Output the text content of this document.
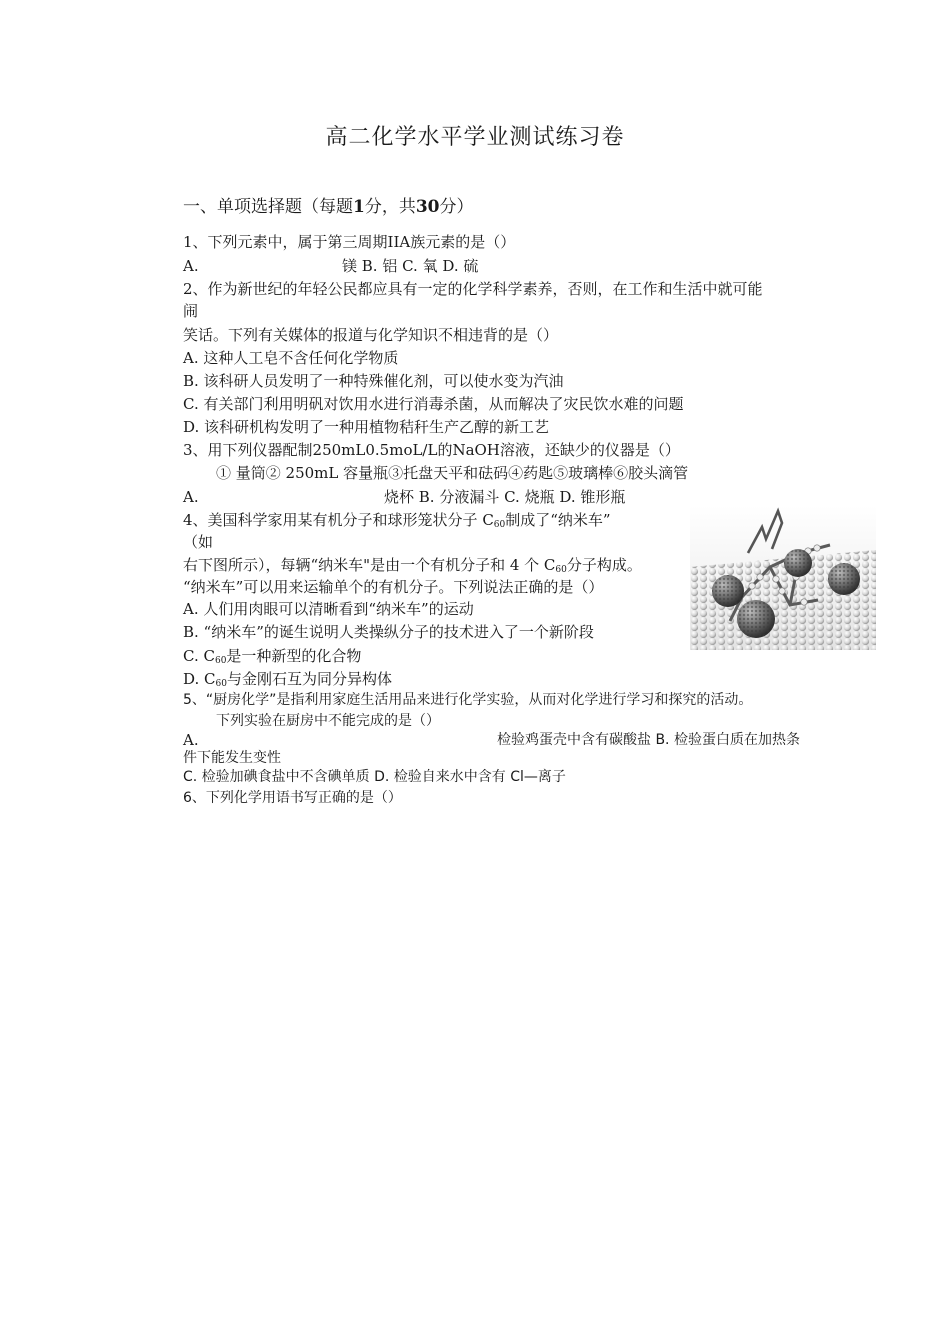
高二化学水平学业测试练习卷
一、单项选择题（每题1分，共30分）
1、下列元素中，属于第三周期IIA族元素的是（）
A.	镁 B. 铝 C. 氧 D. 硫
2、作为新世纪的年轻公民都应具有一定的化学科学素养，否则，在工作和生活中就可能
闹
笑话。下列有关媒体的报道与化学知识不相违背的是（）
A. 这种人工皂不含任何化学物质
B. 该科研人员发明了一种特殊催化剂，可以使水变为汽油
C. 有关部门利用明矾对饮用水进行消毒杀菌，从而解决了灾民饮水难的问题
D. 该科研机构发明了一种用植物秸秆生产乙醇的新工艺
3、用下列仪器配制250mL0.5moL/L的NaOH溶液，还缺少的仪器是（）
① 量筒② 250mL 容量瓶③托盘天平和砝码④药匙⑤玻璃棒⑥胶头滴管
A.	烧杯 B. 分液漏斗 C. 烧瓶 D. 锥形瓶
4、美国科学家用某有机分子和球形笼状分子 $C_{60}$制成了“纳米车”
（如
右下图所示），每辆“纳米车"是由一个有机分子和 4 个 $C_{60}$分子构成。
“纳米车”可以用来运输单个的有机分子。下列说法正确的是（）
A. 人们用肉眼可以清晰看到“纳米车”的运动
B. “纳米车”的诞生说明人类操纵分子的技术进入了一个新阶段
C. $C_{60}$是一种新型的化合物
D. $C_{60}$与金刚石互为同分异构体
5、“厨房化学”是指利用家庭生活用品来进行化学实验，从而对化学进行学习和探究的活动。
下列实验在厨房中不能完成的是（）
A.	检验鸡蛋壳中含有碳酸盐 B. 检验蛋白质在加热条
件下能发生变性
C. 检验加碘食盐中不含碘单质 D. 检验自来水中含有 Cl—离子
6、下列化学用语书写正确的是（）
